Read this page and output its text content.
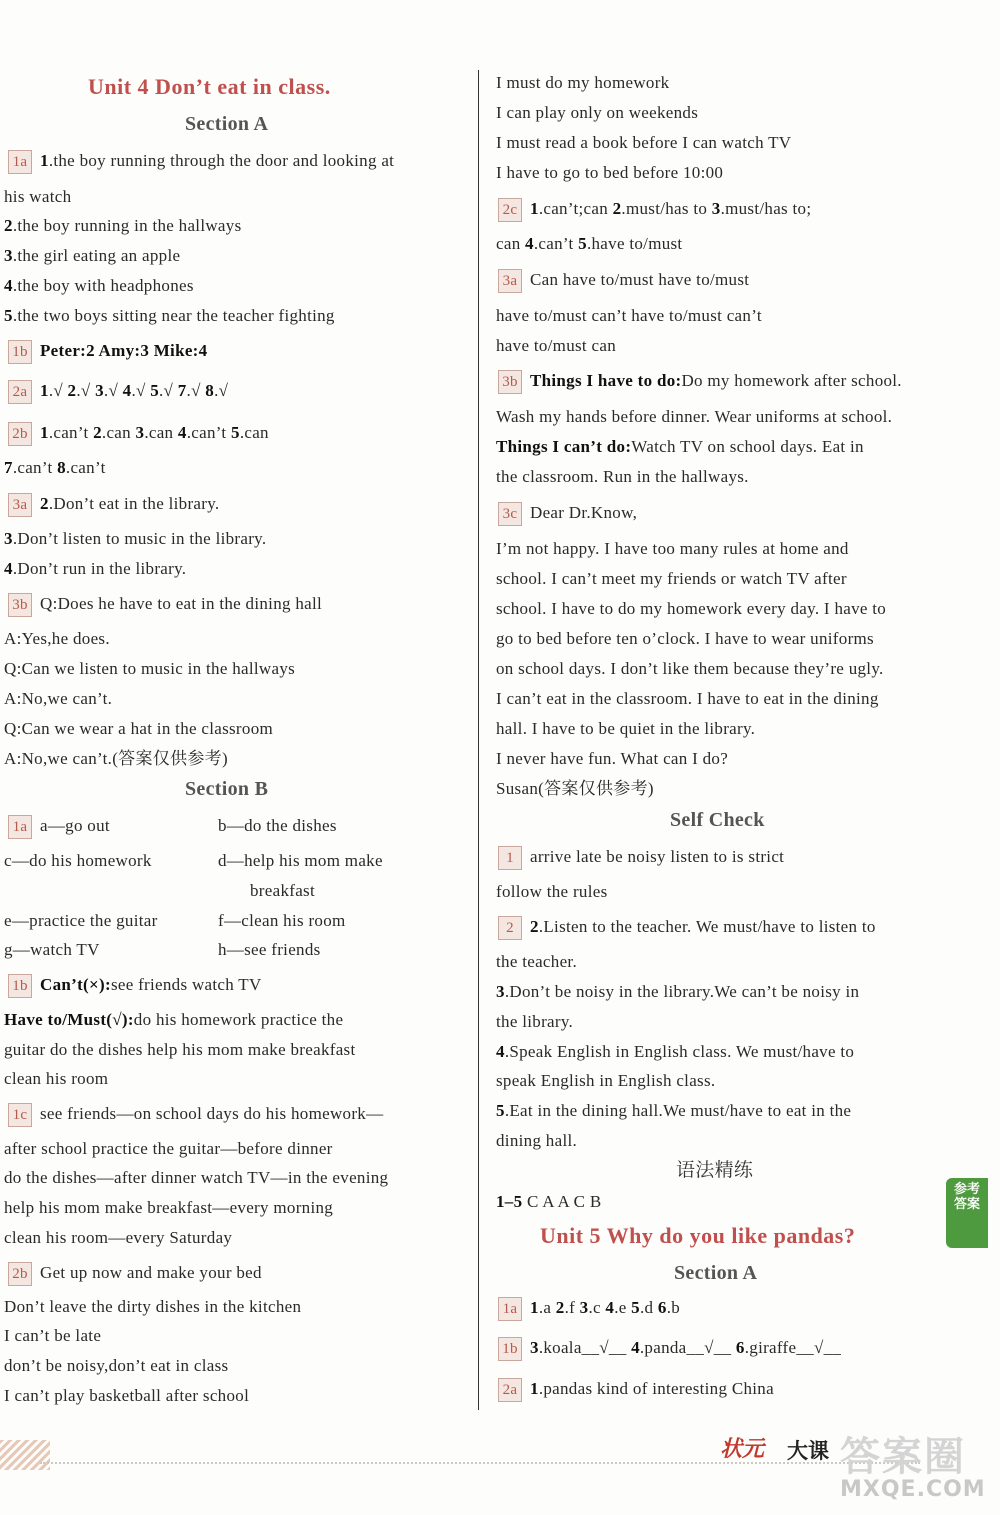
Unit 4 Don’t eat in class.
Section A
1a 1.the boy running through the door and looking at
his watch
2.the boy running in the hallways
3.the girl eating an apple
4.the boy with headphones
5.the two boys sitting near the teacher fighting
1b Peter:2 Amy:3 Mike:4
2a 1.√ 2.√ 3.√ 4.√ 5.√ 7.√ 8.√
2b 1.can’t 2.can 3.can 4.can’t 5.can
7.can’t 8.can’t
3a 2.Don’t eat in the library.
3.Don’t listen to music in the library.
4.Don’t run in the library.
3b Q:Does he have to eat in the dining hall
A:Yes,he does.
Q:Can we listen to music in the hallways
A:No,we can’t.
Q:Can we wear a hat in the classroom
A:No,we can’t.(答案仅供参考)
Section B
1a a—go out	b—do the dishes
c—do his homework	d—help his mom make
breakfast
e—practice the guitar	f—clean his room
g—watch TV	h—see friends
1b Can’t(×):see friends watch TV
Have to/Must(√):do his homework practice the
guitar do the dishes help his mom make breakfast
clean his room
1c see friends—on school days do his homework—
after school practice the guitar—before dinner
do the dishes—after dinner watch TV—in the evening
help his mom make breakfast—every morning
clean his room—every Saturday
2b Get up now and make your bed
Don’t leave the dirty dishes in the kitchen
I can’t be late
don’t be noisy,don’t eat in class
I can’t play basketball after school
I must do my homework
I can play only on weekends
I must read a book before I can watch TV
I have to go to bed before 10:00
2c 1.can’t;can 2.must/has to 3.must/has to;
can 4.can’t 5.have to/must
3a Can have to/must have to/must
have to/must can’t have to/must can’t
have to/must can
3b Things I have to do:Do my homework after school.
Wash my hands before dinner. Wear uniforms at school.
Things I can’t do:Watch TV on school days. Eat in
the classroom. Run in the hallways.
3c Dear Dr.Know,
I’m not happy. I have too many rules at home and
school. I can’t meet my friends or watch TV after
school. I have to do my homework every day. I have to
go to bed before ten o’clock. I have to wear uniforms
on school days. I don’t like them because they’re ugly.
I can’t eat in the classroom. I have to eat in the dining
hall. I have to be quiet in the library.
I never have fun. What can I do?
Susan(答案仅供参考)
Self Check
1 arrive late be noisy listen to is strict
follow the rules
2 2.Listen to the teacher. We must/have to listen to
the teacher.
3.Don’t be noisy in the library.We can’t be noisy in
the library.
4.Speak English in English class. We must/have to
speak English in English class.
5.Eat in the dining hall.We must/have to eat in the
dining hall.
语法精练
1–5 C A A C B
Unit 5 Why do you like pandas?
Section A
1a 1.a 2.f 3.c 4.e 5.d 6.b
1b 3.koala__√__ 4.panda__√__ 6.giraffe__√__
2a 1.pandas kind of interesting China
参考
答案
状元 大课 答案圈
MXQE.COM
